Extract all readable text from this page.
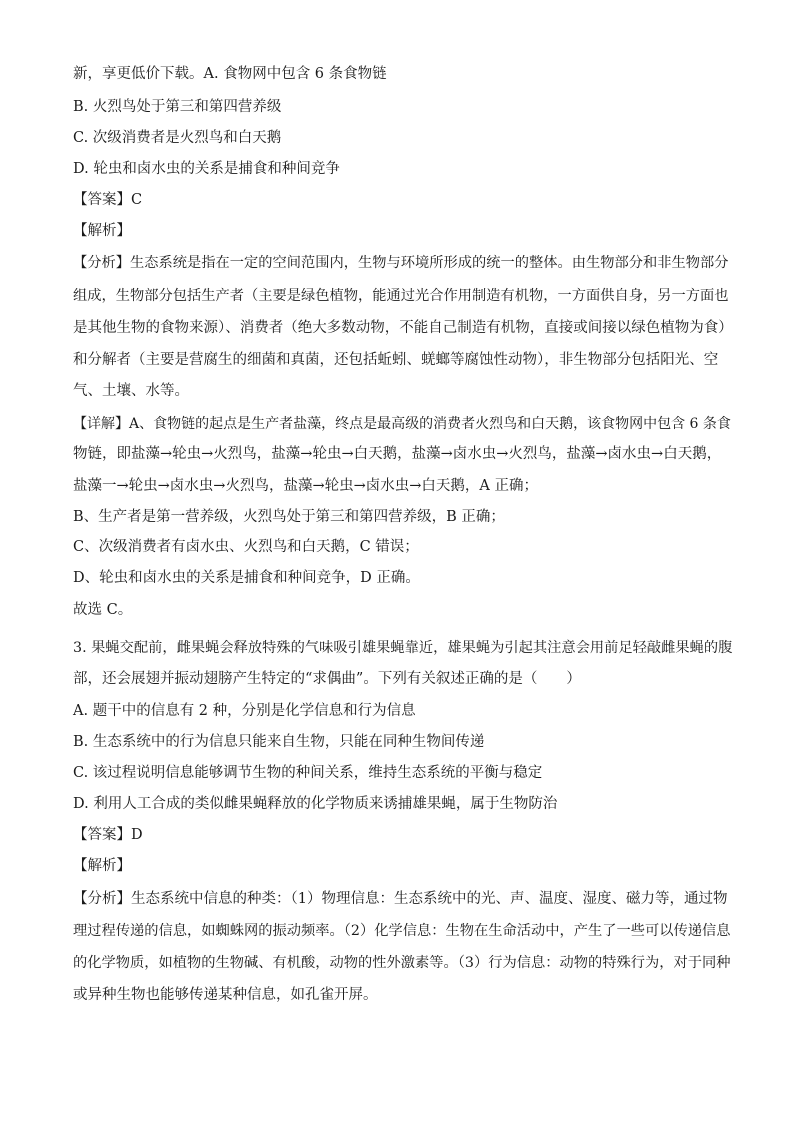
新，享更低价下载。A. 食物网中包含 6 条食物链
B. 火烈鸟处于第三和第四营养级
C. 次级消费者是火烈鸟和白天鹅
D. 轮虫和卤水虫的关系是捕食和种间竞争
【答案】C
【解析】
【分析】生态系统是指在一定的空间范围内，生物与环境所形成的统一的整体。由生物部分和非生物部分
组成，生物部分包括生产者（主要是绿色植物，能通过光合作用制造有机物，一方面供自身，另一方面也
是其他生物的食物来源）、消费者（绝大多数动物，不能自己制造有机物，直接或间接以绿色植物为食）
和分解者（主要是营腐生的细菌和真菌，还包括蚯蚓、蜣螂等腐蚀性动物），非生物部分包括阳光、空
气、土壤、水等。
【详解】A、食物链的起点是生产者盐藻，终点是最高级的消费者火烈鸟和白天鹅，该食物网中包含 6 条食
物链，即盐藻→轮虫→火烈鸟，盐藻→轮虫→白天鹅，盐藻→卤水虫→火烈鸟，盐藻→卤水虫→白天鹅，
盐藻一→轮虫→卤水虫→火烈鸟，盐藻→轮虫→卤水虫→白天鹅，A 正确；
B、生产者是第一营养级，火烈鸟处于第三和第四营养级，B 正确；
C、次级消费者有卤水虫、火烈鸟和白天鹅，C 错误；
D、轮虫和卤水虫的关系是捕食和种间竞争，D 正确。
故选 C。
3. 果蝇交配前，雌果蝇会释放特殊的气味吸引雄果蝇靠近，雄果蝇为引起其注意会用前足轻敲雌果蝇的腹
部，还会展翅并振动翅膀产生特定的“求偶曲”。下列有关叙述正确的是（　　）
A. 题干中的信息有 2 种，分别是化学信息和行为信息
B. 生态系统中的行为信息只能来自生物，只能在同种生物间传递
C. 该过程说明信息能够调节生物的种间关系，维持生态系统的平衡与稳定
D. 利用人工合成的类似雌果蝇释放的化学物质来诱捕雄果蝇，属于生物防治
【答案】D
【解析】
【分析】生态系统中信息的种类：（1）物理信息：生态系统中的光、声、温度、湿度、磁力等，通过物
理过程传递的信息，如蜘蛛网的振动频率。（2）化学信息：生物在生命活动中，产生了一些可以传递信息
的化学物质，如植物的生物碱、有机酸，动物的性外激素等。（3）行为信息：动物的特殊行为，对于同种
或异种生物也能够传递某种信息，如孔雀开屏。
